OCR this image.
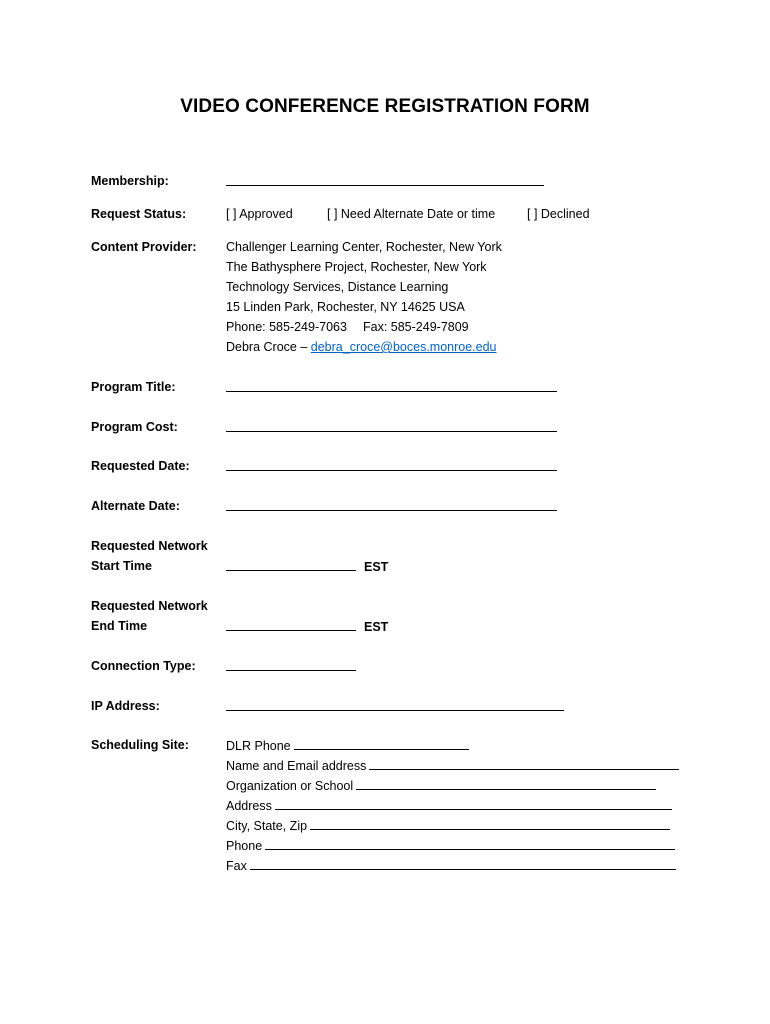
VIDEO CONFERENCE REGISTRATION FORM
Membership:
Request Status:	[ ] Approved	[ ] Need Alternate Date or time	[ ] Declined
Content Provider: Challenger Learning Center, Rochester, New York
The Bathysphere Project, Rochester, New York
Technology Services, Distance Learning
15 Linden Park, Rochester, NY 14625 USA
Phone: 585-249-7063 Fax: 585-249-7809
Debra Croce – debra_croce@boces.monroe.edu
Program Title:
Program Cost:
Requested Date:
Alternate Date:
Requested Network
Start Time	EST
Requested Network
End Time	EST
Connection Type:
IP Address:
Scheduling Site:	DLR Phone
Name and Email address
Organization or School
Address
City, State, Zip
Phone
Fax
